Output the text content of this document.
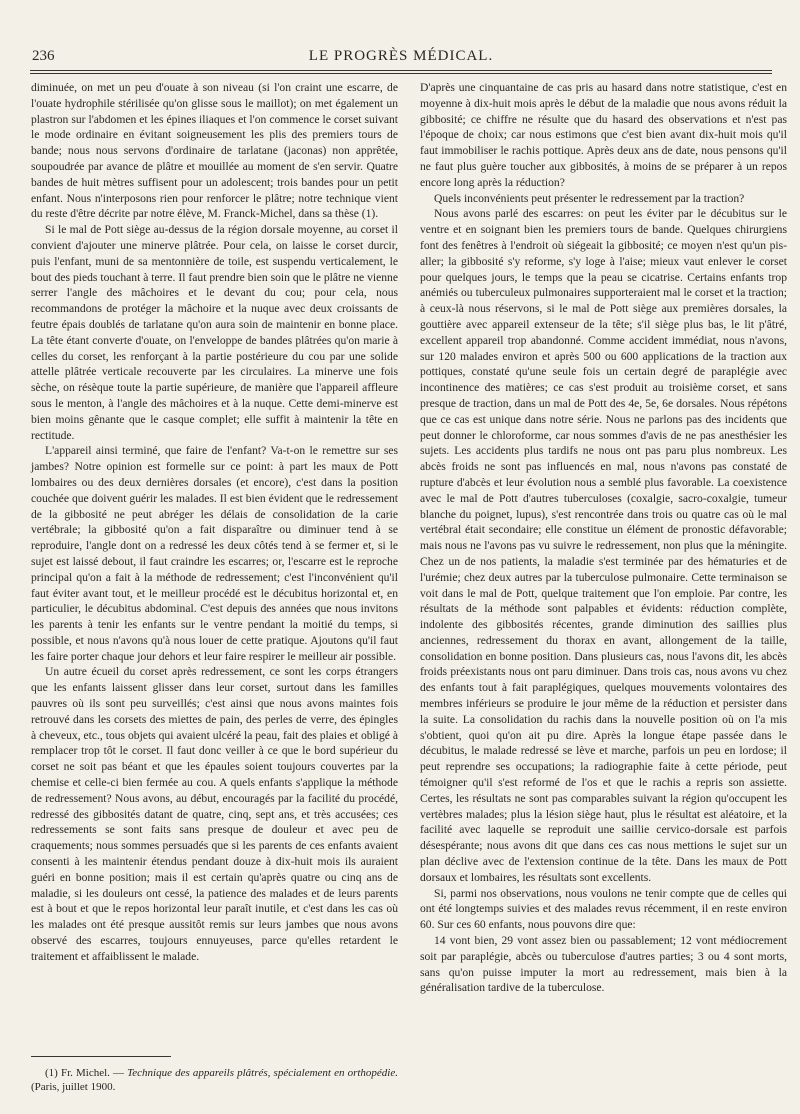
236	LE PROGRÈS MÉDICAL.

diminuée, on met un peu d'ouate à son niveau (si l'on craint une escarre, de l'ouate hydrophile stérilisée qu'on glisse sous le maillot); on met également un plastron sur l'abdomen et les épines iliaques et l'on commence le corset suivant le mode ordinaire en évitant soigneusement les plis des premiers tours de bande; nous nous servons d'ordinaire de tarlatane (jaconas) non apprêtée, soupoudrée par avance de plâtre et mouillée au moment de s'en servir. Quatre bandes de huit mètres suffisent pour un adolescent; trois bandes pour un petit enfant. Nous n'interposons rien pour renforcer le plâtre; notre technique vient du reste d'être décrite par notre élève, M. Franck-Michel, dans sa thèse (1).

Si le mal de Pott siège au-dessus de la région dorsale moyenne, au corset il convient d'ajouter une minerve plâtrée. Pour cela, on laisse le corset durcir, puis l'enfant, muni de sa mentonnière de toile, est suspendu verticalement, le bout des pieds touchant à terre. Il faut prendre bien soin que le plâtre ne vienne serrer l'angle des mâchoires et le devant du cou; pour cela, nous recommandons de protéger la mâchoire et la nuque avec deux croissants de feutre épais doublés de tarlatane qu'on aura soin de maintenir en bonne place. La tête étant converte d'ouate, on l'enveloppe de bandes plâtrées qu'on marie à celles du corset, les renforçant à la partie postérieure du cou par une solide attelle plâtrée verticale recouverte par les circulaires. La minerve une fois sèche, on résèque toute la partie supérieure, de manière que l'appareil affleure sous le menton, à l'angle des mâchoires et à la nuque. Cette demi-minerve est bien moins gênante que le casque complet; elle suffit à maintenir la tête en rectitude.

L'appareil ainsi terminé, que faire de l'enfant? Va-t-on le remettre sur ses jambes? Notre opinion est formelle sur ce point: à part les maux de Pott lombaires ou des deux dernières dorsales (et encore), c'est dans la position couchée que doivent guérir les malades. Il est bien évident que le redressement de la gibbosité ne peut abréger les délais de consolidation de la carie vertébrale; la gibbosité qu'on a fait disparaître ou diminuer tend à se reproduire, l'angle dont on a redressé les deux côtés tend à se fermer et, si le sujet est laissé debout, il faut craindre les escarres; or, l'escarre est le reproche principal qu'on a fait à la méthode de redressement; c'est l'inconvénient qu'il faut éviter avant tout, et le meilleur procédé est le décubitus horizontal et, en particulier, le décubitus abdominal. C'est depuis des années que nous invitons les parents à tenir les enfants sur le ventre pendant la moitié du temps, si possible, et nous n'avons qu'à nous louer de cette pratique. Ajoutons qu'il faut les faire porter chaque jour dehors et leur faire respirer le meilleur air possible.

Un autre écueil du corset après redressement, ce sont les corps étrangers que les enfants laissent glisser dans leur corset, surtout dans les familles pauvres où ils sont peu surveillés; c'est ainsi que nous avons maintes fois retrouvé dans les corsets des miettes de pain, des perles de verre, des épingles à cheveux, etc., tous objets qui avaient ulcéré la peau, fait des plaies et obligé à remplacer trop tôt le corset. Il faut donc veiller à ce que le bord supérieur du corset ne soit pas béant et que les épaules soient toujours couvertes par la chemise et celle-ci bien fermée au cou. A quels enfants s'applique la méthode de redressement? Nous avons, au début, encouragés par la facilité du procédé, redressé des gibbosités datant de quatre, cinq, sept ans, et très accusées; ces redressements se sont faits sans presque de douleur et avec peu de craquements; nous sommes persuadés que si les parents de ces enfants avaient consenti à les maintenir étendus pendant douze à dix-huit mois ils auraient guéri en bonne position; mais il est certain qu'après quatre ou cinq ans de maladie, si les douleurs ont cessé, la patience des malades et de leurs parents est à bout et que le repos horizontal leur paraît inutile, et c'est dans les cas où les malades ont été presque aussitôt remis sur leurs jambes que nous avons observé des escarres, toujours ennuyeuses, parce qu'elles retardent le traitement et affaiblissent le malade.

(1) Fr. Michel. — Technique des appareils plâtrés, spécialement en orthopédie. (Paris, juillet 1900.

D'après une cinquantaine de cas pris au hasard dans notre statistique, c'est en moyenne à dix-huit mois après le début de la maladie que nous avons réduit la gibbosité; ce chiffre ne résulte que du hasard des observations et n'est pas l'époque de choix; car nous estimons que c'est bien avant dix-huit mois qu'il faut immobiliser le rachis pottique. Après deux ans de date, nous pensons qu'il ne faut plus guère toucher aux gibbosités, à moins de se préparer à un repos encore long après la réduction?

Quels inconvénients peut présenter le redressement par la traction?

Nous avons parlé des escarres: on peut les éviter par le décubitus sur le ventre et en soignant bien les premiers tours de bande. Quelques chirurgiens font des fenêtres à l'endroit où siégeait la gibbosité; ce moyen n'est qu'un pis-aller; la gibbosité s'y reforme, s'y loge à l'aise; mieux vaut enlever le corset pour quelques jours, le temps que la peau se cicatrise. Certains enfants trop anémiés ou tuberculeux pulmonaires supporteraient mal le corset et la traction; à ceux-là nous réservons, si le mal de Pott siège aux premières dorsales, la gouttière avec appareil extenseur de la tête; s'il siège plus bas, le lit p'âtré, excellent appareil trop abandonné. Comme accident immédiat, nous n'avons, sur 120 malades environ et après 500 ou 600 applications de la traction aux pottiques, constaté qu'une seule fois un certain degré de paraplégie avec incontinence des matières; ce cas s'est produit au troisième corset, et sans presque de traction, dans un mal de Pott des 4e, 5e, 6e dorsales. Nous répétons que ce cas est unique dans notre série. Nous ne parlons pas des incidents que peut donner le chloroforme, car nous sommes d'avis de ne pas anesthésier les sujets. Les accidents plus tardifs ne nous ont pas paru plus nombreux. Les abcès froids ne sont pas influencés en mal, nous n'avons pas constaté de rupture d'abcès et leur évolution nous a semblé plus favorable. La coexistence avec le mal de Pott d'autres tuberculoses (coxalgie, sacro-coxalgie, tumeur blanche du poignet, lupus), s'est rencontrée dans trois ou quatre cas où le mal vertébral était secondaire; elle constitue un élément de pronostic défavorable; mais nous ne l'avons pas vu suivre le redressement, non plus que la méningite. Chez un de nos patients, la maladie s'est terminée par des hématuries et de l'urémie; chez deux autres par la tuberculose pulmonaire. Cette terminaison se voit dans le mal de Pott, quelque traitement que l'on emploie. Par contre, les résultats de la méthode sont palpables et évidents: réduction complète, indolente des gibbosités récentes, grande diminution des saillies plus anciennes, redressement du thorax en avant, allongement de la taille, consolidation en bonne position. Dans plusieurs cas, nous l'avons dit, les abcès froids préexistants nous ont paru diminuer. Dans trois cas, nous avons vu chez des enfants tout à fait paraplégiques, quelques mouvements volontaires des membres inférieurs se produire le jour même de la réduction et persister dans la suite. La consolidation du rachis dans la nouvelle position où on l'a mis s'obtient, quoi qu'on ait pu dire. Après la longue étape passée dans le décubitus, le malade redressé se lève et marche, parfois un peu en lordose; il peut reprendre ses occupations; la radiographie faite à cette période, peut témoigner qu'il s'est reformé de l'os et que le rachis a repris son assiette. Certes, les résultats ne sont pas comparables suivant la région qu'occupent les vertèbres malades; plus la lésion siège haut, plus le résultat est aléatoire, et la facilité avec laquelle se reproduit une saillie cervico-dorsale est parfois désespérante; nous avons dit que dans ces cas nous mettions le sujet sur un plan déclive avec de l'extension continue de la tête. Dans les maux de Pott dorsaux et lombaires, les résultats sont excellents.

Si, parmi nos observations, nous voulons ne tenir compte que de celles qui ont été longtemps suivies et des malades revus récemment, il en reste environ 60. Sur ces 60 enfants, nous pouvons dire que:

14 vont bien, 29 vont assez bien ou passablement; 12 vont médiocrement soit par paraplégie, abcès ou tuberculose d'autres parties; 3 ou 4 sont morts, sans qu'on puisse imputer la mort au redressement, mais bien à la généralisation tardive de la tuberculose.
